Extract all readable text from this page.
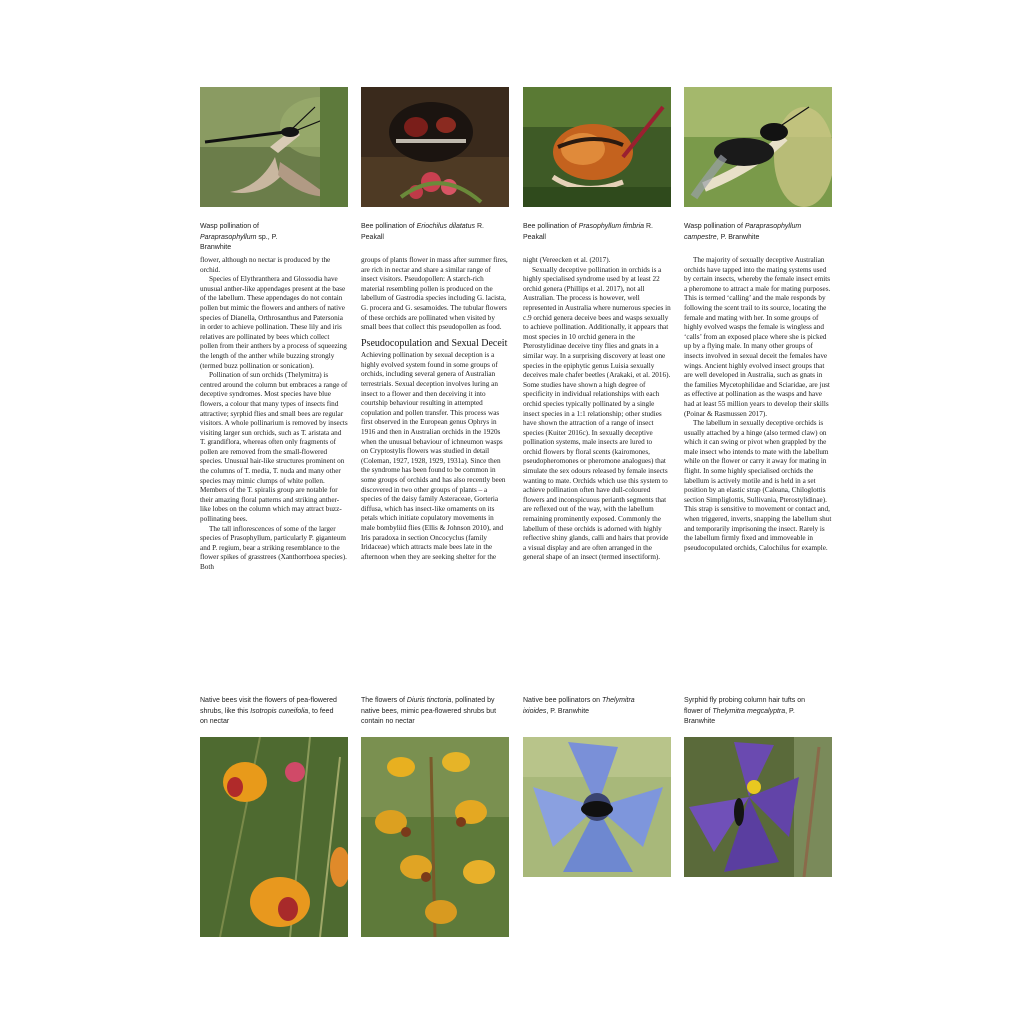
Wasp pollination of Paraprasophyllum sp., P. Branwhite
Bee pollination of Eriochilus dilatatus R. Peakall
Bee pollination of Prasophyllum fimbria R. Peakall
Wasp pollination of Paraprasophyllum campestre, P. Branwhite

flower, although no nectar is produced by the orchid.

Species of Elythranthera and Glossodia have unusual anther-like appendages present at the base of the labellum. These appendages do not contain pollen but mimic the flowers and anthers of native species of Dianella, Orthrosanthus and Patersonia in order to achieve pollination. These lily and iris relatives are pollinated by bees which collect pollen from their anthers by a process of squeezing the length of the anther while buzzing strongly (termed buzz pollination or sonication).

Pollination of sun orchids (Thelymitra) is centred around the column but embraces a range of deceptive syndromes. Most species have blue flowers, a colour that many types of insects find attractive; syrphid flies and small bees are regular visitors. A whole pollinarium is removed by insects visiting larger sun orchids, such as T. aristata and T. grandiflora, whereas often only fragments of pollen are removed from the small-flowered species. Unusual hair-like structures prominent on the columns of T. media, T. nuda and many other species may mimic clumps of white pollen. Members of the T. spiralis group are notable for their amazing floral patterns and striking anther-like lobes on the column which may attract buzz-pollinating bees.

The tall inflorescences of some of the larger species of Prasophyllum, particularly P. giganteum and P. regium, bear a striking resemblance to the flower spikes of grasstrees (Xanthorrhoea species). Both

groups of plants flower in mass after summer fires, are rich in nectar and share a similar range of insect visitors. Pseudopollen: A starch-rich material resembling pollen is produced on the labellum of Gastrodia species including G. lacista, G. procera and G. sesamoides. The tubular flowers of these orchids are pollinated when visited by small bees that collect this pseudopollen as food.

Pseudocopulation and Sexual Deceit

Achieving pollination by sexual deception is a highly evolved system found in some groups of orchids, including several genera of Australian terrestrials. Sexual deception involves luring an insect to a flower and then deceiving it into courtship behaviour resulting in attempted copulation and pollen transfer. This process was first observed in the European genus Ophrys in 1916 and then in Australian orchids in the 1920s when the unusual behaviour of ichneumon wasps on Cryptostylis flowers was studied in detail (Coleman, 1927, 1928, 1929, 1931a). Since then the syndrome has been found to be common in some groups of orchids and has also recently been discovered in two other groups of plants – a species of the daisy family Asteraceae, Gorteria diffusa, which has insect-like ornaments on its petals which initiate copulatory movements in male bombyliid flies (Ellis & Johnson 2010), and Iris paradoxa in section Oncocyclus (family Iridaceae) which attracts male bees late in the afternoon when they are seeking shelter for the

night (Vereecken et al. (2017).

Sexually deceptive pollination in orchids is a highly specialised syndrome used by at least 22 orchid genera (Phillips et al. 2017), not all Australian. The process is however, well represented in Australia where numerous species in c.9 orchid genera deceive bees and wasps sexually to achieve pollination. Additionally, it appears that most species in 10 orchid genera in the Pterostylidinae deceive tiny flies and gnats in a similar way. In a surprising discovery at least one species in the epiphytic genus Luisia sexually deceives male chafer beetles (Arakaki, et al. 2016). Some studies have shown a high degree of specificity in individual relationships with each orchid species typically pollinated by a single insect species in a 1:1 relationship; other studies have shown the attraction of a range of insect species (Kuiter 2016c). In sexually deceptive pollination systems, male insects are lured to orchid flowers by floral scents (kairomones, pseudopheromones or pheromone analogues) that simulate the sex odours released by female insects wanting to mate. Orchids which use this system to achieve pollination often have dull-coloured flowers and inconspicuous perianth segments that are reflexed out of the way, with the labellum remaining prominently exposed. Commonly the labellum of these orchids is adorned with highly reflective shiny glands, calli and hairs that provide a visual display and are often arranged in the general shape of an insect (termed insectiform).

The majority of sexually deceptive Australian orchids have tapped into the mating systems used by certain insects, whereby the female insect emits a pheromone to attract a male for mating purposes. This is termed ‘calling’ and the male responds by following the scent trail to its source, locating the female and mating with her. In some groups of highly evolved wasps the female is wingless and ‘calls’ from an exposed place where she is picked up by a flying male. In many other groups of insects involved in sexual deceit the females have wings. Ancient highly evolved insect groups that are well developed in Australia, such as gnats in the families Mycetophilidae and Sciaridae, are just as effective at pollination as the wasps and have had at least 55 million years to develop their skills (Poinar & Rasmussen 2017).

The labellum in sexually deceptive orchids is usually attached by a hinge (also termed claw) on which it can swing or pivot when grappled by the male insect who intends to mate with the labellum while on the flower or carry it away for mating in flight. In some highly specialised orchids the labellum is actively motile and is held in a set position by an elastic strap (Caleana, Chiloglottis section Simpliglottis, Sullivania, Pterostylidinae). This strap is sensitive to movement or contact and, when triggered, inverts, snapping the labellum shut and temporarily imprisoning the insect. Rarely is the labellum firmly fixed and immoveable in pseudocopulated orchids, Calochilus for example.

Native bees visit the flowers of pea-flowered shrubs, like this Isotropis cuneifolia, to feed on nectar
The flowers of Diuris tinctoria, pollinated by native bees, mimic pea-flowered shrubs but contain no nectar
Native bee pollinators on Thelymitra ixioides, P. Branwhite
Syrphid fly probing column hair tufts on flower of Thelymitra megcalyptra, P. Branwhite
